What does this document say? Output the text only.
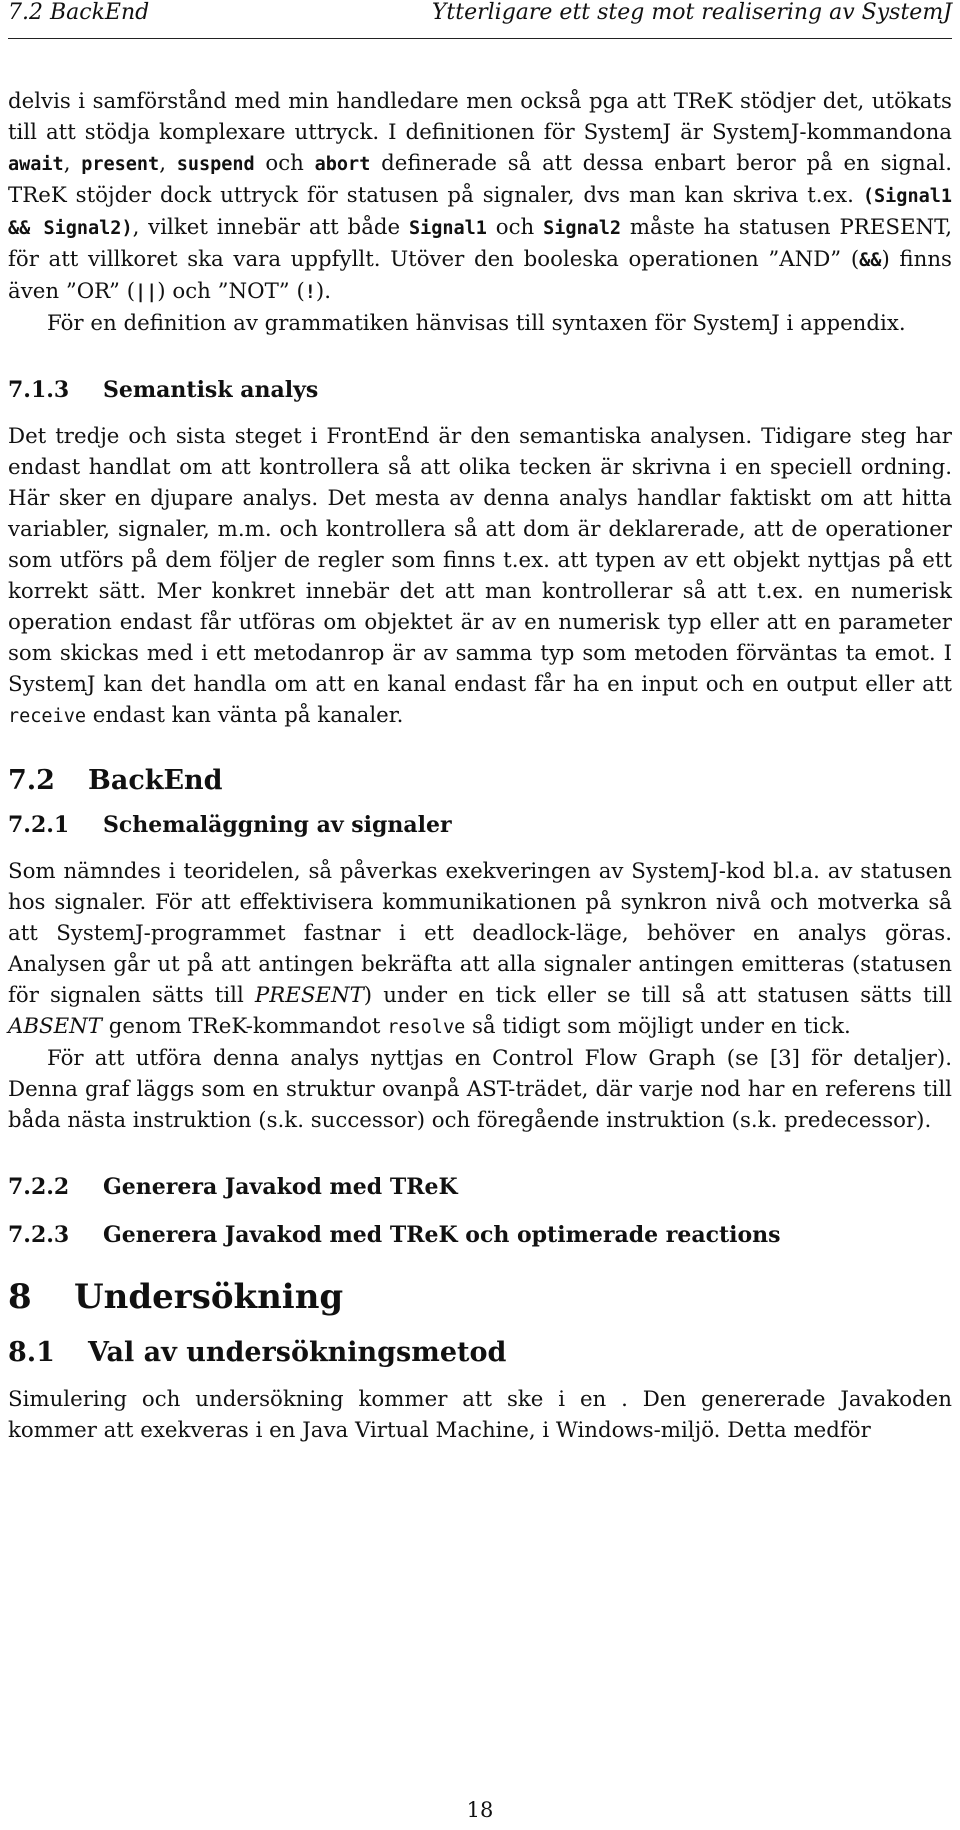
7.2 BackEnd	Ytterligare ett steg mot realisering av SystemJ

delvis i samförstånd med min handledare men också pga att TReK stödjer det, utökats till att stödja komplexare uttryck. I definitionen för SystemJ är SystemJ-kommandona await, present, suspend och abort definerade så att dessa enbart beror på en signal. TReK stöjder dock uttryck för statusen på signaler, dvs man kan skriva t.ex. (Signal1 && Signal2), vilket innebär att både Signal1 och Signal2 måste ha statusen PRESENT, för att villkoret ska vara uppfyllt. Utöver den booleska operationen ”AND” (&&) finns även ”OR” (||) och ”NOT” (!).

För en definition av grammatiken hänvisas till syntaxen för SystemJ i appendix.

7.1.3	Semantisk analys

Det tredje och sista steget i FrontEnd är den semantiska analysen. Tidigare steg har endast handlat om att kontrollera så att olika tecken är skrivna i en speciell ordning. Här sker en djupare analys. Det mesta av denna analys handlar faktiskt om att hitta variabler, signaler, m.m. och kontrollera så att dom är deklarerade, att de operationer som utförs på dem följer de regler som finns t.ex. att typen av ett objekt nyttjas på ett korrekt sätt. Mer konkret innebär det att man kontrollerar så att t.ex. en numerisk operation endast får utföras om objektet är av en numerisk typ eller att en parameter som skickas med i ett metodanrop är av samma typ som metoden förväntas ta emot. I SystemJ kan det handla om att en kanal endast får ha en input och en output eller att receive endast kan vänta på kanaler.

7.2	BackEnd
7.2.1	Schemaläggning av signaler

Som nämndes i teoridelen, så påverkas exekveringen av SystemJ-kod bl.a. av statusen hos signaler. För att effektivisera kommunikationen på synkron nivå och motverka så att SystemJ-programmet fastnar i ett deadlock-läge, behöver en analys göras. Analysen går ut på att antingen bekräfta att alla signaler antingen emitteras (statusen för signalen sätts till PRESENT) under en tick eller se till så att statusen sätts till ABSENT genom TReK-kommandot resolve så tidigt som möjligt under en tick.

För att utföra denna analys nyttjas en Control Flow Graph (se [3] för detaljer). Denna graf läggs som en struktur ovanpå AST-trädet, där varje nod har en referens till båda nästa instruktion (s.k. successor) och föregående instruktion (s.k. predecessor).

7.2.2	Generera Javakod med TReK
7.2.3	Generera Javakod med TReK och optimerade reactions
8	Undersökning
8.1	Val av undersökningsmetod

Simulering och undersökning kommer att ske i en . Den genererade Javakoden kommer att exekveras i en Java Virtual Machine, i Windows-miljö. Detta medför

18
